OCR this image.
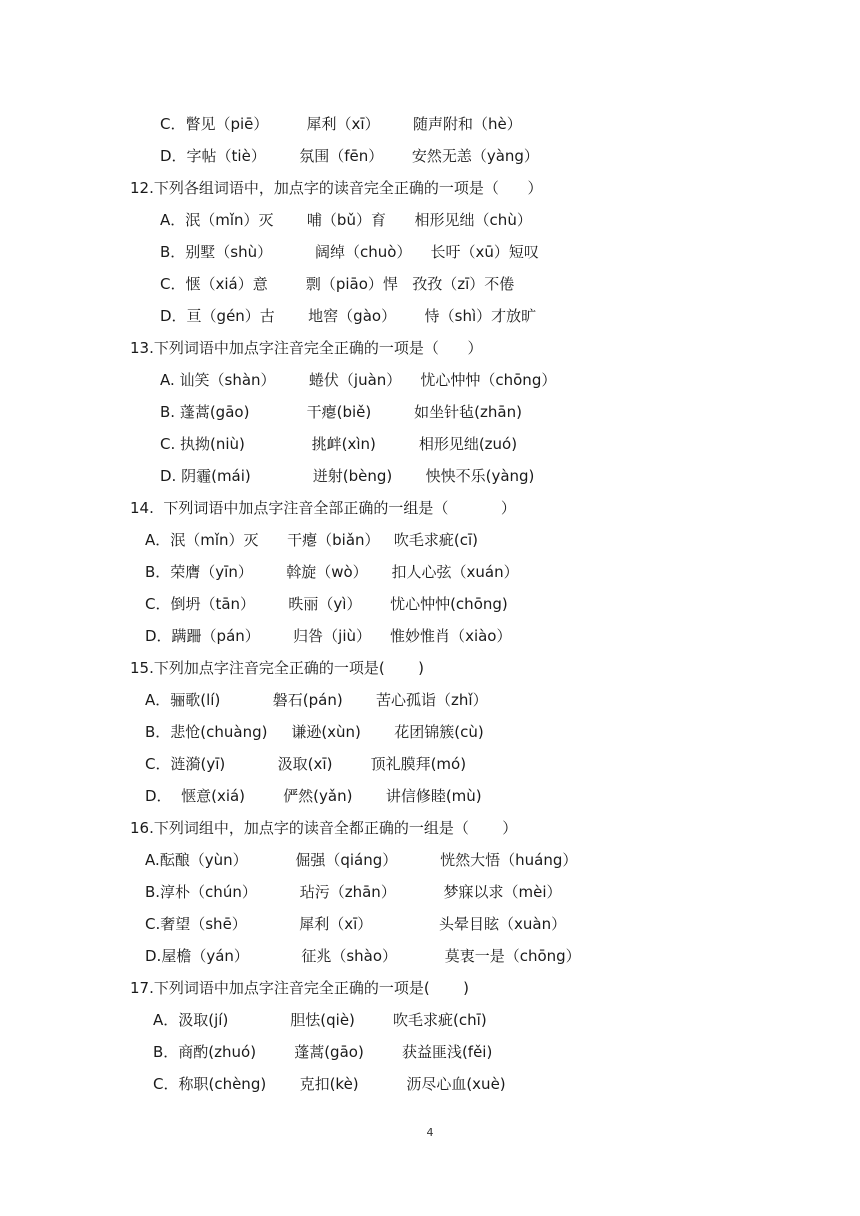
C．瞥见（piē）        犀利（xī）       随声附和（hè）
D．字帖（tiè）       氛围（fēn）      安然无恙（yàng）
12.下列各组词语中，加点字的读音完全正确的一项是（      ）
A．泯（mǐn）灭       哺（bǔ）育      相形见绌（chù）
B．别墅（shù）         阔绰（chuò）    长吁（xū）短叹
C．惬（xiá）意        剽（piāo）悍   孜孜（zī）不倦
D．亘（gén）古       地窖（gào）      恃（shì）才放旷
13.下列词语中加点字注音完全正确的一项是（      ）
A. 讪笑（shàn）       蜷伏（juàn）    忧心忡忡（chōng）
B. 蓬蒿(gāo)            干瘪(biě)         如坐针毡(zhān)
C. 执拗(niù)              挑衅(xìn)         相形见绌(zuó)
D. 阴霾(mái)             迸射(bèng)       怏怏不乐(yàng)
14.  下列词语中加点字注音全部正确的一组是（           ）
A．泯（mǐn）灭      干瘪（biǎn）   吹毛求疵(cī)
B．荣膺（yīn）       斡旋（wò）     扣人心弦（xuán）
C．倒坍（tān）       昳丽（yì）      忧心忡忡(chōng)
D．蹒跚（pán）       归咎（jiù）    惟妙惟肖（xiào）
15.下列加点字注音完全正确的一项是(       )
A．骊歌(lí)           磐石(pán)       苦心孤诣（zhǐ）
B．悲怆(chuàng)     谦逊(xùn)       花团锦簇(cù)
C．涟漪(yī)           汲取(xī)        顶礼膜拜(mó)
D．  惬意(xiá)        俨然(yǎn)       讲信修睦(mù)
16.下列词组中，加点字的读音全都正确的一组是（       ）
A.酝酿（yùn）          倔强（qiáng）         恍然大悟（huáng）
B.淳朴（chún）         玷污（zhān）          梦寐以求（mèi）
C.奢望（shē）           犀利（xī）              头晕目眩（xuàn）
D.屋檐（yán）           征兆（shào）          莫衷一是（chōng）
17.下列词语中加点字注音完全正确的一项是(       )
A．汲取(jí)             胆怯(qiè)        吹毛求疵(chī)
B．商酌(zhuó)        蓬蒿(gāo)        获益匪浅(fěi)
C．称职(chèng)       克扣(kè)          沥尽心血(xuè)
4
